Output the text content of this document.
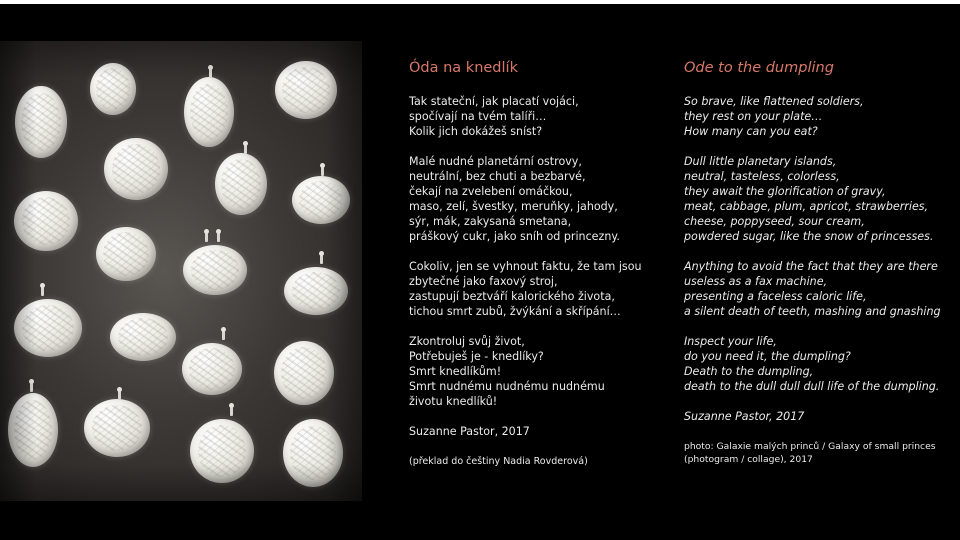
Óda na knedlík
Tak stateční, jak placatí vojáci,
spočívají na tvém talíři…
Kolik jich dokážeš sníst?
Malé nudné planetární ostrovy,
neutrální, bez chuti a bezbarvé,
čekají na zvelebení omáčkou,
maso, zelí, švestky, meruňky, jahody,
sýr, mák, zakysaná smetana,
práškový cukr, jako sníh od princezny.
Cokoliv, jen se vyhnout faktu, že tam jsou
zbytečné jako faxový stroj,
zastupují beztváří kalorického života,
tichou smrt zubů, žvýkání a skřípání…
Zkontroluj svůj život,
Potřebuješ je - knedlíky?
Smrt knedlíkům!
Smrt nudnému nudnému nudnému
životu knedlíků!
Suzanne Pastor, 2017
(překlad do češtiny Nadia Rovderová)
Ode to the dumpling
So brave, like flattened soldiers,
they rest on your plate…
How many can you eat?
Dull little planetary islands,
neutral, tasteless, colorless,
they await the glorification of gravy,
meat, cabbage, plum, apricot, strawberries,
cheese, poppyseed, sour cream,
powdered sugar, like the snow of princesses.
Anything to avoid the fact that they are there
useless as a fax machine,
presenting a faceless caloric life,
a silent death of teeth, mashing and gnashing
Inspect your life,
do you need it, the dumpling?
Death to the dumpling,
death to the dull dull dull life of the dumpling.
Suzanne Pastor, 2017
photo: Galaxie malých princů / Galaxy of small princes
(photogram / collage), 2017
